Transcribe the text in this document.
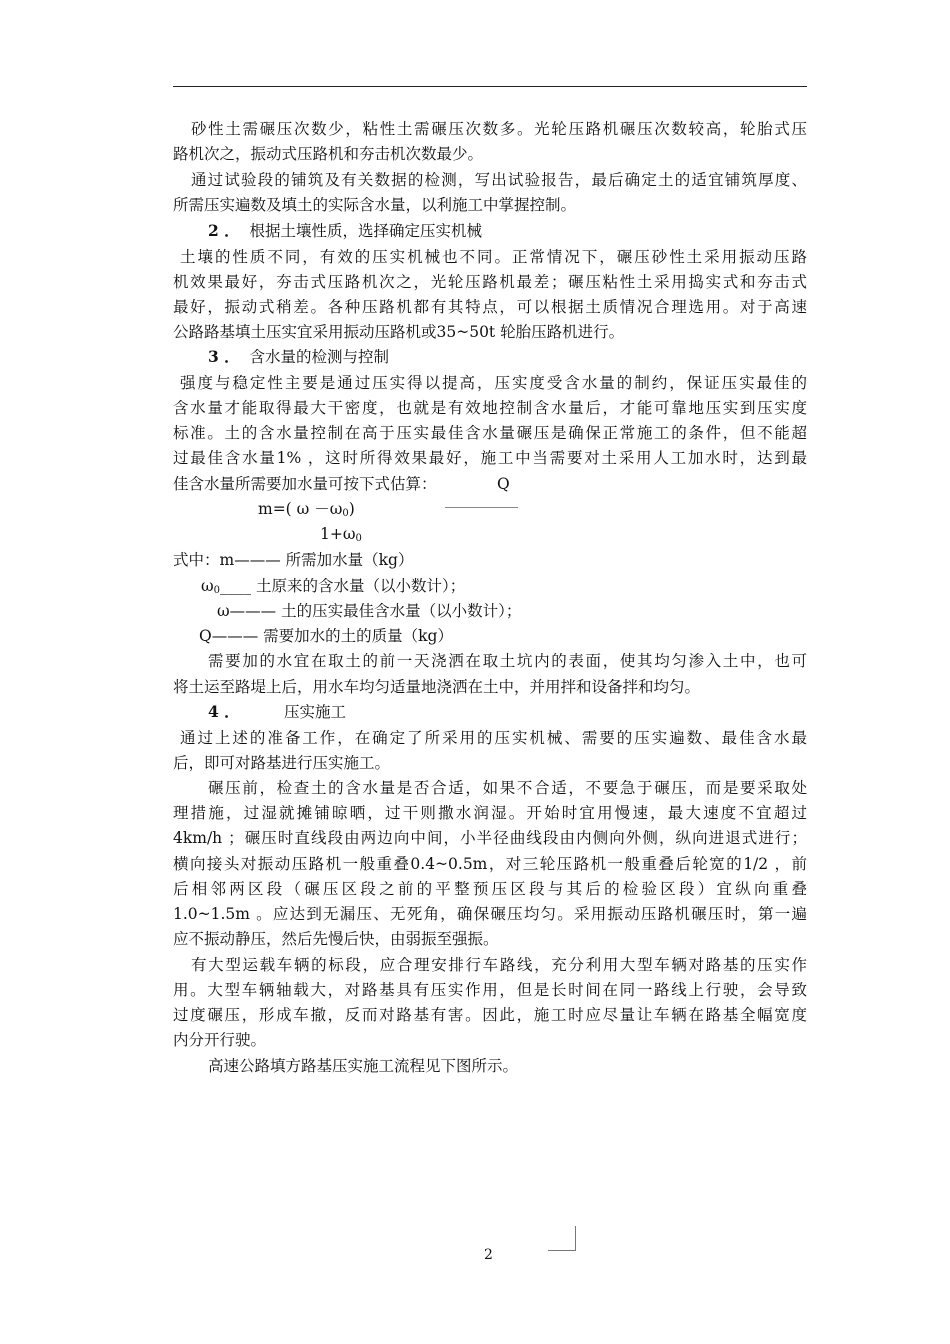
砂性土需碾压次数少，粘性土需碾压次数多。光轮压路机碾压次数较高，轮胎式压
路机次之，振动式压路机和夯击机次数最少。
通过试验段的铺筑及有关数据的检测，写出试验报告，最后确定土的适宜铺筑厚度、
所需压实遍数及填土的实际含水量，以利施工中掌握控制。
2 ． 根据土壤性质，选择确定压实机械
土壤的性质不同，有效的压实机械也不同。正常情况下，碾压砂性土采用振动压路
机效果最好，夯击式压路机次之，光轮压路机最差；碾压粘性土采用捣实式和夯击式
最好，振动式稍差。各种压路机都有其特点，可以根据土质情况合理选用。对于高速
公路路基填土压实宜采用振动压路机或35~50t 轮胎压路机进行。
3 ． 含水量的检测与控制
强度与稳定性主要是通过压实得以提高，压实度受含水量的制约，保证压实最佳的
含水量才能取得最大干密度，也就是有效地控制含水量后，才能可靠地压实到压实度
标准。土的含水量控制在高于压实最佳含水量碾压是确保正常施工的条件，但不能超
过最佳含水量1% ，这时所得效果最好，施工中当需要对土采用人工加水时，达到最
佳含水量所需要加水量可按下式估算：	Q
m=( $\omega -\omega_0$)
$1+\omega_0$
式中：m——— 所需加水量（kg）
$\omega_0\_\_\_\_$ 土原来的含水量（以小数计）；
ω——— 土的压实最佳含水量（以小数计）；
Q——— 需要加水的土的质量（kg）
需要加的水宜在取土的前一天浇洒在取土坑内的表面，使其均匀渗入土中，也可
将土运至路堤上后，用水车均匀适量地浇洒在土中，并用拌和设备拌和均匀。
4 ．	压实施工
通过上述的准备工作，在确定了所采用的压实机械、需要的压实遍数、最佳含水最
后，即可对路基进行压实施工。
碾压前，检查土的含水量是否合适，如果不合适，不要急于碾压，而是要采取处
理措施，过湿就摊铺晾晒，过干则撒水润湿。开始时宜用慢速，最大速度不宜超过
4km/h ；碾压时直线段由两边向中间，小半径曲线段由内侧向外侧，纵向进退式进行；
横向接头对振动压路机一般重叠0.4~0.5m，对三轮压路机一般重叠后轮宽的1/2 ，前
后相邻两区段（碾压区段之前的平整预压区段与其后的检验区段）宜纵向重叠
1.0~1.5m 。应达到无漏压、无死角，确保碾压均匀。采用振动压路机碾压时，第一遍
应不振动静压，然后先慢后快，由弱振至强振。
有大型运载车辆的标段，应合理安排行车路线，充分利用大型车辆对路基的压实作
用。大型车辆轴载大，对路基具有压实作用，但是长时间在同一路线上行驶，会导致
过度碾压，形成车撤，反而对路基有害。因此，施工时应尽量让车辆在路基全幅宽度
内分开行驶。
高速公路填方路基压实施工流程见下图所示。
2
